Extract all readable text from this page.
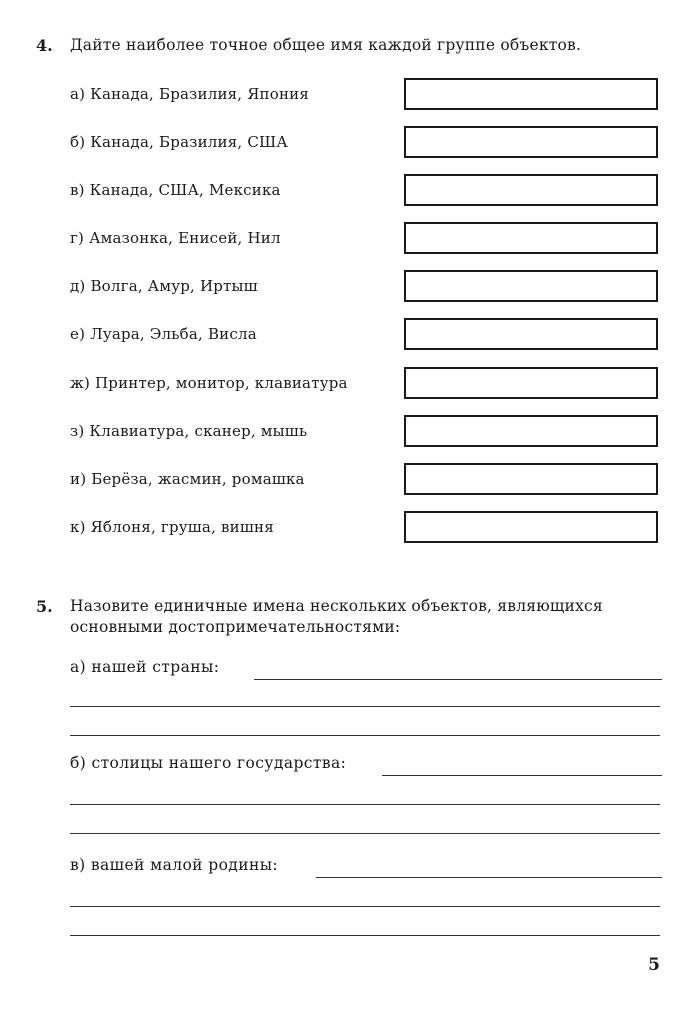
4. Дайте наиболее точное общее имя каждой группе объектов.
а) Канада, Бразилия, Япония
б) Канада, Бразилия, США
в) Канада, США, Мексика
г) Амазонка, Енисей, Нил
д) Волга, Амур, Иртыш
е) Луара, Эльба, Висла
ж) Принтер, монитор, клавиатура
з) Клавиатура, сканер, мышь
и) Берёза, жасмин, ромашка
к) Яблоня, груша, вишня
5. Назовите единичные имена нескольких объектов, являющихся
основными достопримечательностями:
а) нашей страны:
б) столицы нашего государства:
в) вашей малой родины:
5
